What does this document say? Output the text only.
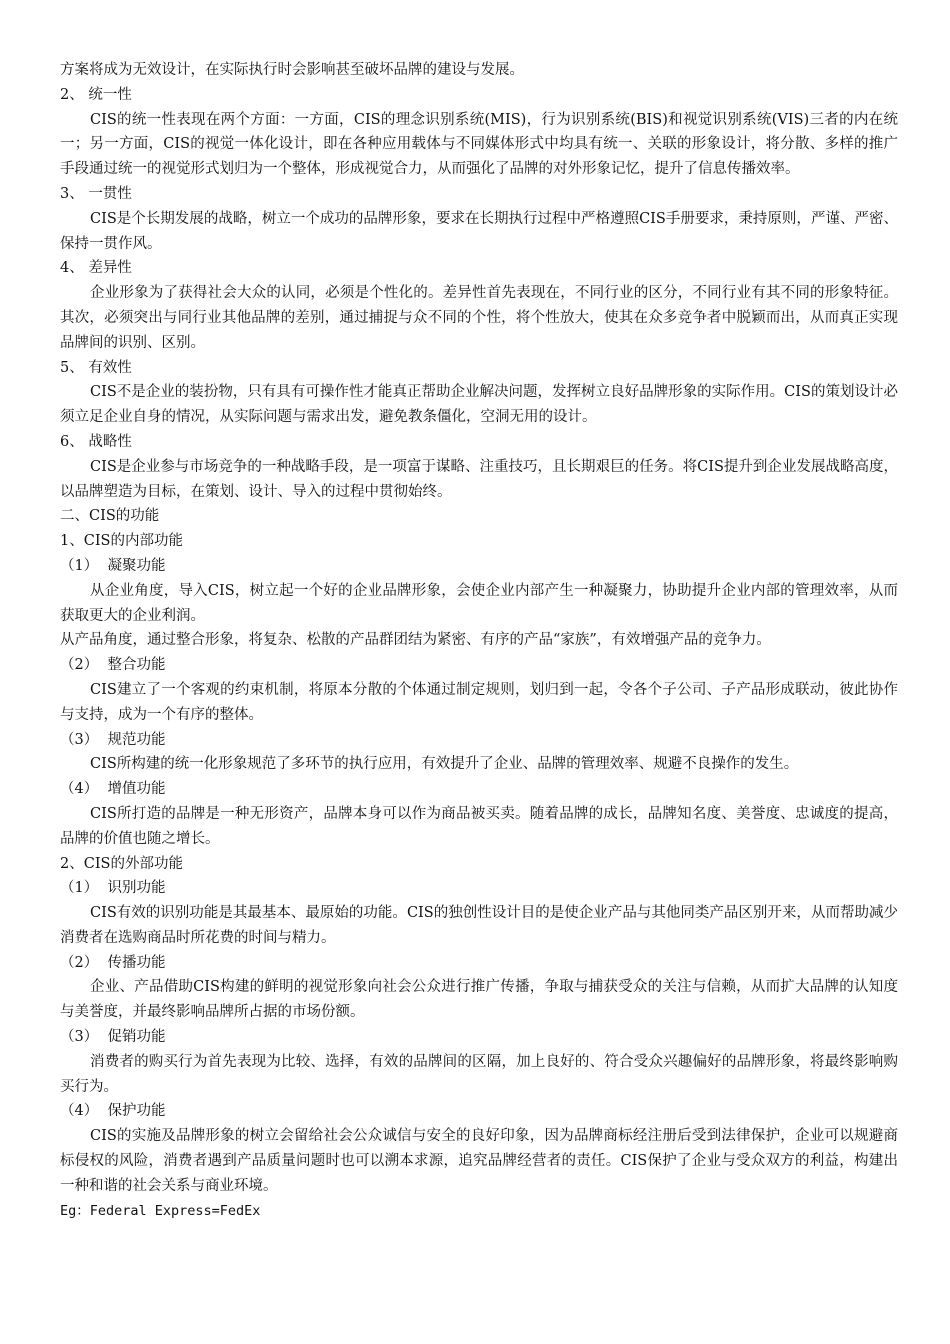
方案将成为无效设计，在实际执行时会影响甚至破坏品牌的建设与发展。

2、 统一性

CIS的统一性表现在两个方面：一方面，CIS的理念识别系统(MIS)，行为识别系统(BIS)和视觉识别系统(VIS)三者的内在统一；另一方面，CIS的视觉一体化设计，即在各种应用载体与不同媒体形式中均具有统一、关联的形象设计，将分散、多样的推广手段通过统一的视觉形式划归为一个整体，形成视觉合力，从而强化了品牌的对外形象记忆，提升了信息传播效率。

3、 一贯性

CIS是个长期发展的战略，树立一个成功的品牌形象，要求在长期执行过程中严格遵照CIS手册要求，秉持原则，严谨、严密、保持一贯作风。

4、 差异性

企业形象为了获得社会大众的认同，必须是个性化的。差异性首先表现在，不同行业的区分，不同行业有其不同的形象特征。其次，必须突出与同行业其他品牌的差别，通过捕捉与众不同的个性，将个性放大，使其在众多竞争者中脱颖而出，从而真正实现品牌间的识别、区别。

5、 有效性

CIS不是企业的装扮物，只有具有可操作性才能真正帮助企业解决问题，发挥树立良好品牌形象的实际作用。CIS的策划设计必须立足企业自身的情况，从实际问题与需求出发，避免教条僵化，空洞无用的设计。

6、 战略性

CIS是企业参与市场竞争的一种战略手段，是一项富于谋略、注重技巧，且长期艰巨的任务。将CIS提升到企业发展战略高度，以品牌塑造为目标，在策划、设计、导入的过程中贯彻始终。

二、CIS的功能

1、CIS的内部功能

（1）  凝聚功能

从企业角度，导入CIS，树立起一个好的企业品牌形象，会使企业内部产生一种凝聚力，协助提升企业内部的管理效率，从而获取更大的企业利润。

从产品角度，通过整合形象，将复杂、松散的产品群团结为紧密、有序的产品“家族”，有效增强产品的竞争力。

（2）  整合功能

CIS建立了一个客观的约束机制，将原本分散的个体通过制定规则，划归到一起，令各个子公司、子产品形成联动，彼此协作与支持，成为一个有序的整体。

（3）  规范功能

CIS所构建的统一化形象规范了多环节的执行应用，有效提升了企业、品牌的管理效率、规避不良操作的发生。

（4）  增值功能

CIS所打造的品牌是一种无形资产，品牌本身可以作为商品被买卖。随着品牌的成长，品牌知名度、美誉度、忠诚度的提高，品牌的价值也随之增长。

2、CIS的外部功能

（1）  识别功能

CIS有效的识别功能是其最基本、最原始的功能。CIS的独创性设计目的是使企业产品与其他同类产品区别开来，从而帮助减少消费者在选购商品时所花费的时间与精力。

（2）  传播功能

企业、产品借助CIS构建的鲜明的视觉形象向社会公众进行推广传播，争取与捕获受众的关注与信赖，从而扩大品牌的认知度与美誉度，并最终影响品牌所占据的市场份额。

（3）  促销功能

消费者的购买行为首先表现为比较、选择，有效的品牌间的区隔，加上良好的、符合受众兴趣偏好的品牌形象，将最终影响购买行为。

（4）  保护功能

CIS的实施及品牌形象的树立会留给社会公众诚信与安全的良好印象，因为品牌商标经注册后受到法律保护，企业可以规避商标侵权的风险，消费者遇到产品质量问题时也可以溯本求源，追究品牌经营者的责任。CIS保护了企业与受众双方的利益，构建出一种和谐的社会关系与商业环境。

Eg：Federal Express=FedEx
